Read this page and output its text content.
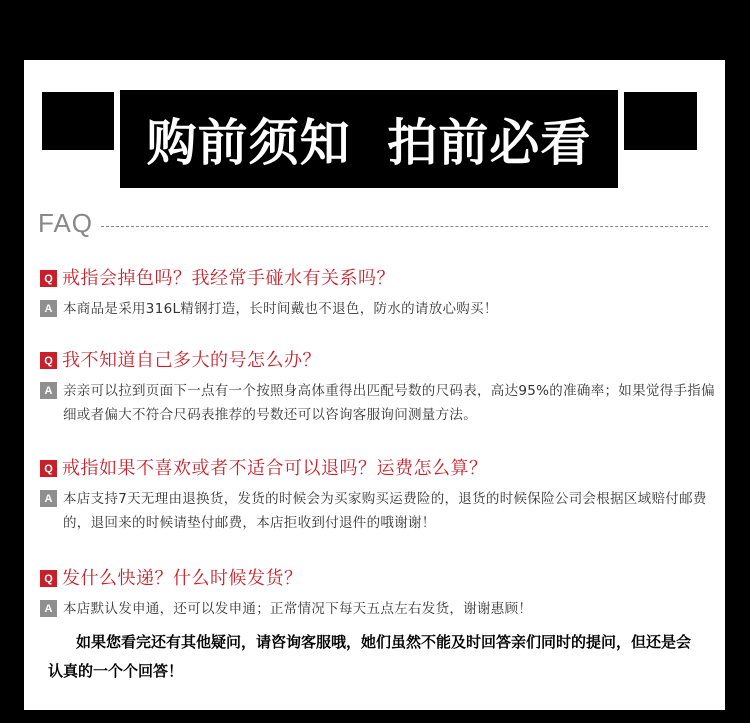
购前须知  拍前必看
FAQ
Q 戒指会掉色吗？我经常手碰水有关系吗？
A 本商品是采用316L精钢打造，长时间戴也不退色，防水的请放心购买！
Q 我不知道自己多大的号怎么办？
A 亲亲可以拉到页面下一点有一个按照身高体重得出匹配号数的尺码表，高达95%的准确率；如果觉得手指偏细或者偏大不符合尺码表推荐的号数还可以咨询客服询问测量方法。
Q 戒指如果不喜欢或者不适合可以退吗？运费怎么算？
A 本店支持7天无理由退换货，发货的时候会为买家购买运费险的，退货的时候保险公司会根据区域赔付邮费的，退回来的时候请垫付邮费，本店拒收到付退件的哦谢谢！
Q 发什么快递？什么时候发货？
A 本店默认发申通，还可以发申通；正常情况下每天五点左右发货，谢谢惠顾！
如果您看完还有其他疑问，请咨询客服哦，她们虽然不能及时回答亲们同时的提问，但还是会认真的一个个回答！
